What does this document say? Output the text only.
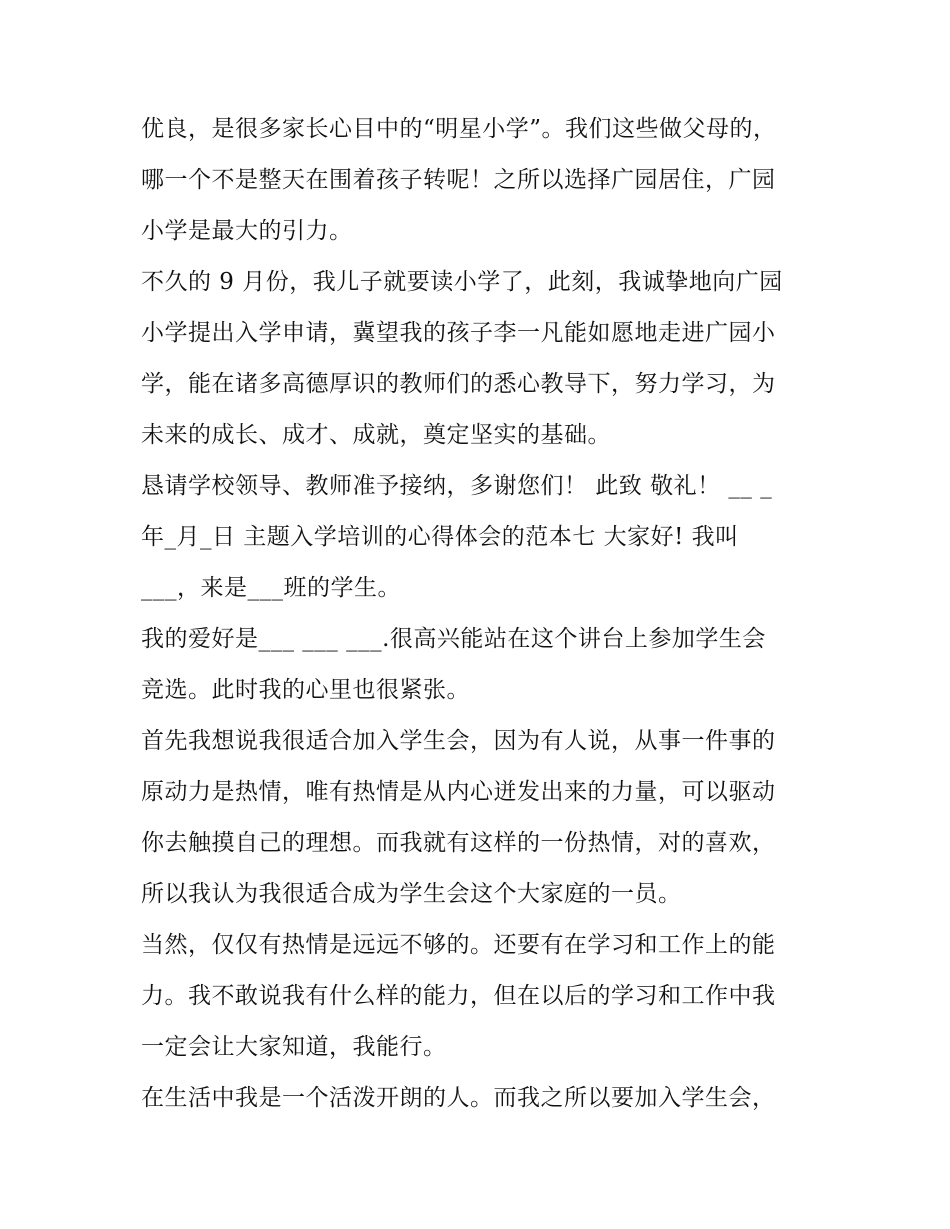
优良，是很多家长心目中的“明星小学”。我们这些做父母的，
哪一个不是整天在围着孩子转呢！之所以选择广园居住，广园
小学是最大的引力。
不久的 9 月份，我儿子就要读小学了，此刻，我诚挚地向广园
小学提出入学申请，冀望我的孩子李一凡能如愿地走进广园小
学，能在诸多高德厚识的教师们的悉心教导下，努力学习，为
未来的成长、成才、成就，奠定坚实的基础。
恳请学校领导、教师准予接纳，多谢您们！ 此致 敬礼！ __ _
年_月_日 主题入学培训的心得体会的范本七 大家好! 我叫
___，来是___班的学生。
我的爱好是___ ___ ___.很高兴能站在这个讲台上参加学生会
竞选。此时我的心里也很紧张。
首先我想说我很适合加入学生会，因为有人说，从事一件事的
原动力是热情，唯有热情是从内心迸发出来的力量，可以驱动
你去触摸自己的理想。而我就有这样的一份热情，对的喜欢，
所以我认为我很适合成为学生会这个大家庭的一员。
当然，仅仅有热情是远远不够的。还要有在学习和工作上的能
力。我不敢说我有什么样的能力，但在以后的学习和工作中我
一定会让大家知道，我能行。
在生活中我是一个活泼开朗的人。而我之所以要加入学生会，
